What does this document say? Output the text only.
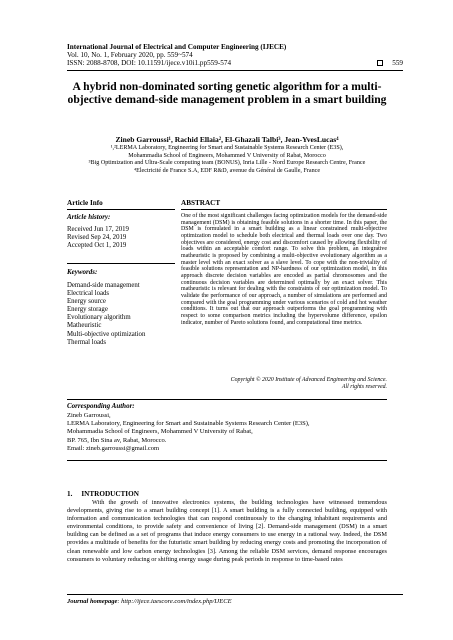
International Journal of Electrical and Computer Engineering (IJECE)
Vol. 10, No. 1, February 2020, pp. 559~574
ISSN: 2088-8708, DOI: 10.11591/ijece.v10i1.pp559-574	559
A hybrid non-dominated sorting genetic algorithm for a multi-objective demand-side management problem in a smart building
Zineb Garroussi¹, Rachid Ellaia², El-Ghazali Talbi³, Jean-YvesLucas⁴
¹,²LERMA Laboratory, Engineering for Smart and Sustainable Systems Research Center (E3S),
Mohammadia School of Engineers, Mohammed V University of Rabat, Morocco
³Big Optimization and Ultra-Scale computing team (BONUS), Inria Lille - Nord Europe Research Centre, France
⁴Electricité de France S.A, EDF R&D, avenue du Général de Gaulle, France
Article Info	ABSTRACT
Article history:
Received Jun 17, 2019
Revised Sep 24, 2019
Accepted Oct 1, 2019
Keywords:
Demand-side management
Electrical loads
Energy source
Energy storage
Evolutionary algorithm
Matheuristic
Multi-objective optimization
Thermal loads
One of the most significant challenges facing optimization models for the demand-side management (DSM) is obtaining feasible solutions in a shorter time. In this paper, the DSM is formulated in a smart building as a linear constrained multi-objective optimization model to schedule both electrical and thermal loads over one day. Two objectives are considered, energy cost and discomfort caused by allowing flexibility of loads within an acceptable comfort range. To solve this problem, an integrative matheuristic is proposed by combining a multi-objective evolutionary algorithm as a master level with an exact solver as a slave level. To cope with the non-triviality of feasible solutions representation and NP-hardness of our optimization model, in this approach discrete decision variables are encoded as partial chromosomes and the continuous decision variables are determined optimally by an exact solver. This matheuristic is relevant for dealing with the constraints of our optimization model. To validate the performance of our approach, a number of simulations are performed and compared with the goal programming under various scenarios of cold and hot weather conditions. It turns out that our approach outperforms the goal programming with respect to some comparison metrics including the hypervolume difference, epsilon indicator, number of Pareto solutions found, and computational time metrics.
Copyright © 2020 Institute of Advanced Engineering and Science.
All rights reserved.
Corresponding Author:
Zineb Garroussi,
LERMA Laboratory, Engineering for Smart and Sustainable Systems Research Center (E3S),
Mohammadia School of Engineers, Mohammed V University of Rabat,
BP. 765, Ibn Sina av, Rabat, Morocco.
Email: zineb.garroussi@gmail.com
1.     INTRODUCTION
With the growth of innovative electronics systems, the building technologies have witnessed tremendous developments, giving rise to a smart building concept [1]. A smart building is a fully connected building, equipped with information and communication technologies that can respond continuously to the changing inhabitant requirements and environmental conditions, to provide safety and convenience of living [2]. Demand-side management (DSM) in a smart building can be defined as a set of programs that induce energy consumers to use energy in a rational way. Indeed, the DSM provides a multitude of benefits for the futuristic smart building by reducing energy costs and promoting the incorporation of clean renewable and low carbon energy technologies [3]. Among the reliable DSM services, demand response encourages consumers to voluntary reducing or shifting energy usage during peak periods in response to time-based rates
Journal homepage: http://ijece.iaescore.com/index.php/IJECE
